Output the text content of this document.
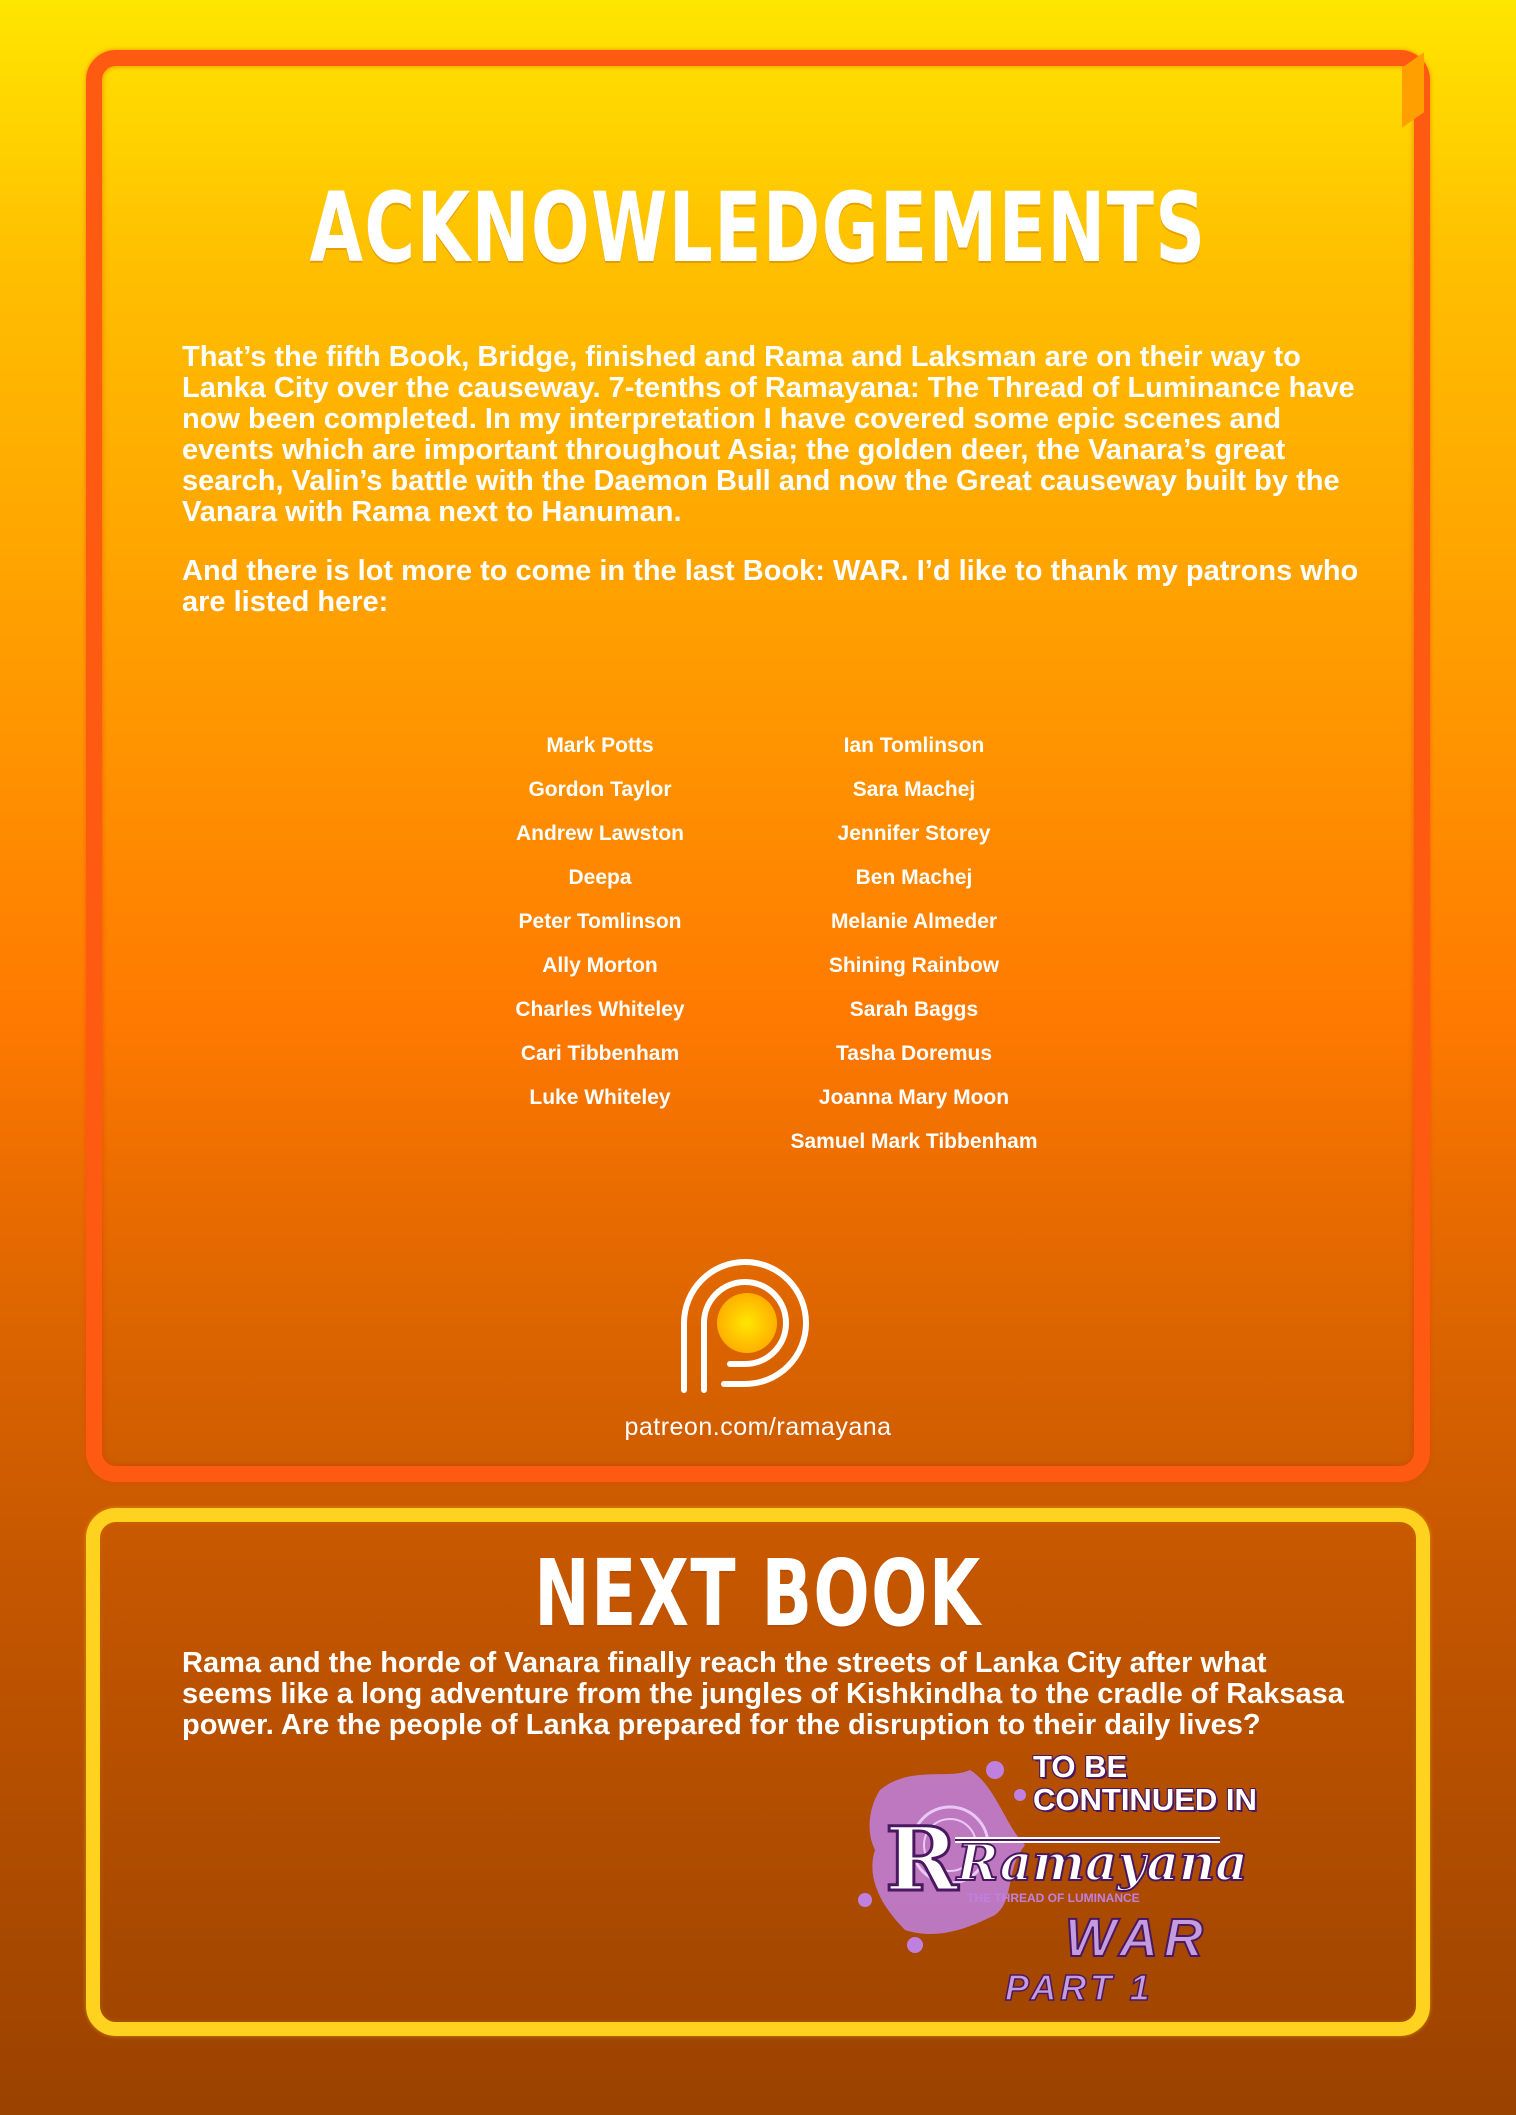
ACKNOWLEDGEMENTS

That’s the fifth Book, Bridge, finished and Rama and Laksman are on their way to Lanka City over the causeway. 7-tenths of Ramayana: The Thread of Luminance have now been completed. In my interpretation I have covered some epic scenes and events which are important throughout Asia; the golden deer, the Vanara’s great search, Valin’s battle with the Daemon Bull and now the Great causeway built by the Vanara with Rama next to Hanuman.

And there is lot more to come in the last Book: WAR. I’d like to thank my patrons who are listed here:

Mark Potts
Gordon Taylor
Andrew Lawston
Deepa
Peter Tomlinson
Ally Morton
Charles Whiteley
Cari Tibbenham
Luke Whiteley
Ian Tomlinson
Sara Machej
Jennifer Storey
Ben Machej
Melanie Almeder
Shining Rainbow
Sarah Baggs
Tasha Doremus
Joanna Mary Moon
Samuel Mark Tibbenham
patreon.com/ramayana
NEXT BOOK

Rama and the horde of Vanara finally reach the streets of Lanka City after what seems like a long adventure from the jungles of Kishkindha to the cradle of Raksasa power. Are the people of Lanka prepared for the disruption to their daily lives?

R
Ramayana
THE THREAD OF LUMINANCE
WAR
PART 1

TO BE CONTINUED IN
